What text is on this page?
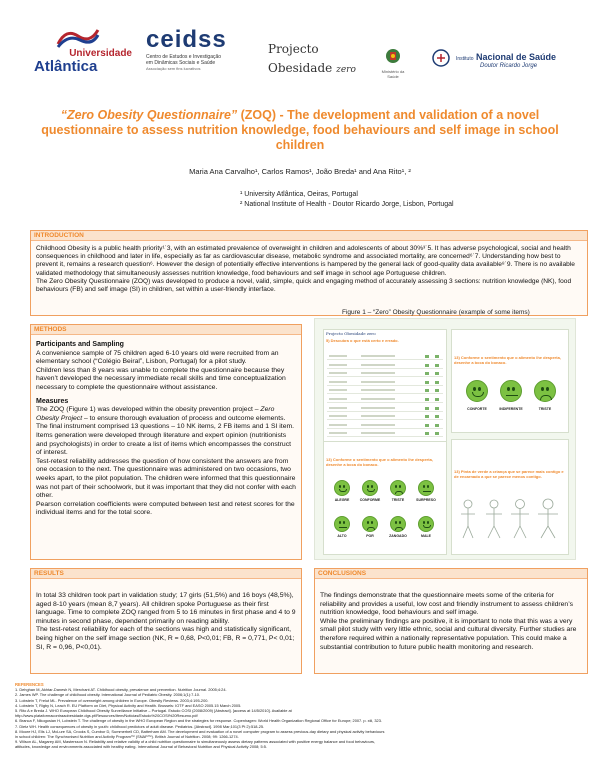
Universidade
Atlântica
ceidss
Centro de Estudos e Investigação
em Dinâmicas Sociais e Saúde
Associação sem fins lucrativos
Projecto
Obesidade zero	Ministério da Saúde
Instituto Nacional de Saúde
Doutor Ricardo Jorge
“Zero Obesity Questionnaire” (ZOQ) - The development and validation of a novel questionnaire to assess nutrition knowledge, food behaviours and self image in school children
Maria Ana Carvalho¹, Carlos Ramos¹, João Breda¹ and Ana Rito¹, ²
¹ University Atlântica, Oeiras, Portugal
² National Institute of Health - Doutor Ricardo Jorge, Lisbon, Portugal
INTRODUCTION

Childhood Obesity is a public health priority¹˙3, with an estimated prevalence of overweight in children and adolescents of about 30%³˙5. It has adverse psychological, social and health consequences in childhood and later in life, especially as far as cardiovascular disease, metabolic syndrome and associated mortality, are concerned⁶˙7. Understanding how best to prevent it, remains a research question⁶. However the design of potentially effective interventions is hampered by the general lack of good-quality data available⁸˙9. There is no available validated methodology that simultaneously assesses nutrition knowledge, food behaviours and self image in school age Portuguese children.

The Zero Obesity Questionnaire (ZOQ) was developed to produce a novel, valid, simple, quick and engaging method of accurately assessing 3 sections: nutrition knowledge (NK), food behaviours (FB) and self image (SI) in children, set within a user-friendly interface.

METHODS
Participants and Sampling

A convenience sample of 75 children aged 6-10 years old were recruited from an elementary school (“Colégio Beiral”, Lisbon, Portugal) for a pilot study.

Children less than 8 years was unable to complete the questionnaire because they haven’t developed the necessary immediate recall skills and time conceptualization necessary to complete the questionnaire without assistance.

Measures

The ZOQ (Figure 1) was developed within the obesity prevention project – Zero Obesity Project – to ensure thorough evaluation of process and outcome elements.

The final instrument comprised 13 questions – 10 NK items, 2 FB items and 1 SI item.

Items generation were developed through literature and expert opinion (nutritionists and psychologists) in order to create a list of items which encompasses the construct of interest.

Test-retest reliability addresses the question of how consistent the answers are from one occasion to the next. The questionnaire was administered on two occasions, two weeks apart, to the pilot population. The children were informed that this questionnaire was not part of their schoolwork, but it was important that they did not confer with each other.

Pearson correlation coefficients were computed between test and retest scores for the individual items and for the total score.

Figure 1 – “Zero” Obesity Questionnaire (example of some items)
Projecto Obesidade zero
5) Descubra o que está certo e errado.
13) Conforme o sentimento que o alimento lhe desperta, desenhe a boca do bonaco.
CONFORTE	INDIFERENTE	TRISTE
13) Conforme o sentimento que o alimento lhe desperta, desenhe a boca do bonaco.
ALEGRE	CONFORME	TRISTE	SURPRESO
ALTO	POR	ZANGADO	MALE
13) Pinta de verde a criança que se parece mais contigo e de encarnado a que se parece menos contigo.
RESULTS

In total 33 children took part in validation study; 17 girls (51,5%) and 16 boys (48,5%), aged 8-10 years (mean 8,7 years). All children spoke Portuguese as their first language. Time to complete ZOQ ranged from 5 to 16 minutes in first phase and 4 to 9 minutes in second phase, dependent primarily on reading ability.

The test-retest reliability for each of the sections was high and statistically significant, being higher on the self image section (NK, R = 0,68, P<0,01; FB, R = 0,771, P< 0,01; SI, R = 0,96, P<0,01).

CONCLUSIONS

The findings demonstrate that the questionnaire meets some of the criteria for reliability and provides a useful, low cost and friendly instrument to assess children’s nutrition knowledge, food behaviours and self image.

While the preliminary findings are positive, it is important to note that this was a very small pilot study with very little ethnic, social and cultural diversity. Further studies are therefore required within a nationally representative population. This could make a substantial contribution to future public health monitoring and research.

REFERENCES
1. Dehghan M, Akhtar-Danesh N, Merchant AT. Childhood obesity, prevalence and prevention. Nutrition Journal. 2005;4:24.
2. James WP. The challenge of childhood obesity. International Journal of Pediatric Obesity. 2006;1(1):7-10.
3. Lobstein T, Frelut ML. Prevalence of overweight among children in Europe. Obesity Reviews. 2003;4:195-200.
4. Lobstein T, Rigby N, Leach R. EU Platform on Diet, Physical Activity and Health. Brussels: IOTF and EASO 2005.15 March 2005.
5. Rito A e Breda J. WHO European Childhood Obesity Surveillance Initiative – Portugal. Estudo COSI (2008/2009) [Abstract]. [access at 14/5/2010]. Available at
http://www.plataformacontraaobesidade.dgs.pt/Resources/Item/Noticias/Estudo%20COSI%20Resumo.pdf
6. Branca F, Nikogosian H, Lobstein T. The challenge of obesity in the WHO European Region and the strategies for response. Copenhagen: World Health Organization Regional Office for Europe; 2007. p. xiii, 323.
7. Dietz WH. Health consequences of obesity in youth: childhood predictors of adult disease. Pediatrics. [Abstract]. 1998 Mar;101(3 Pt 2):518-25.
8. Moore HJ, Ells LJ, McLure SA, Crooks S, Cumbor D, Summerbell CD, Batterham AM. The development and evaluation of a novel computer program to assess previous-day dietary and physical activity behaviours
in school children: The Synchronised Nutrition and Activity Program™ (SNAP™). British Journal of Nutrition. 2008; 99: 1266-1274.
9. Wilson AL, Magarey AM, Mastersson N. Reliability and relative validity of a child nutrition questionnaire to simultaneously assess dietary patterns associated with positive energy balance and food behaviours,
attitudes, knowledge and environments associated with healthy eating. International Journal of Behavioral Nutrition and Physical Activity 2008; 5:5.
